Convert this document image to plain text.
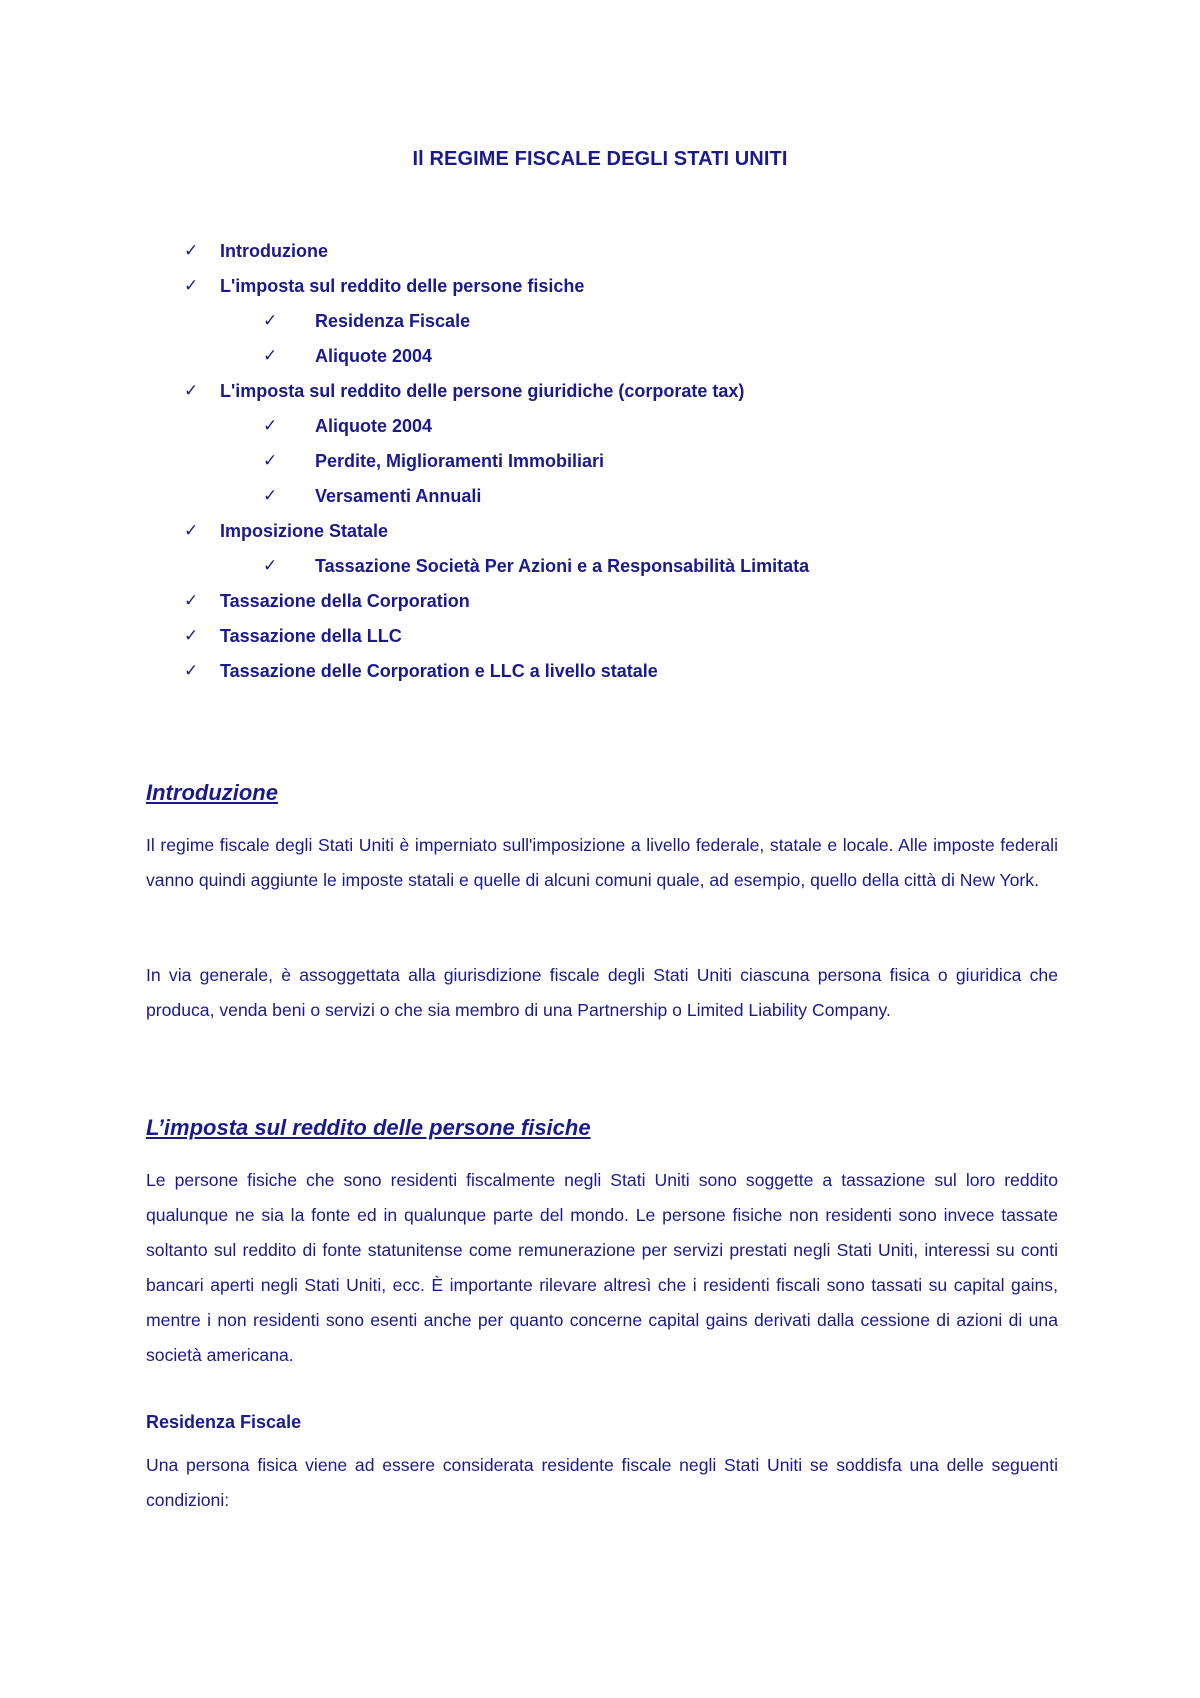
Il REGIME FISCALE DEGLI STATI UNITI
✓ Introduzione
✓ L'imposta sul reddito delle persone fisiche
✓ Residenza Fiscale
✓ Aliquote 2004
✓ L'imposta sul reddito delle persone giuridiche (corporate tax)
✓ Aliquote 2004
✓ Perdite, Miglioramenti Immobiliari
✓ Versamenti Annuali
✓ Imposizione Statale
✓ Tassazione Società Per Azioni e a Responsabilità Limitata
✓ Tassazione della Corporation
✓ Tassazione della LLC
✓ Tassazione delle Corporation e LLC a livello statale
Introduzione

Il regime fiscale degli Stati Uniti è imperniato sull'imposizione a livello federale, statale e locale. Alle imposte federali vanno quindi aggiunte le imposte statali e quelle di alcuni comuni quale, ad esempio, quello della città di New York.

In via generale, è assoggettata alla giurisdizione fiscale degli Stati Uniti ciascuna persona fisica o giuridica che produca, venda beni o servizi o che sia membro di una Partnership o Limited Liability Company.

L’imposta sul reddito delle persone fisiche

Le persone fisiche che sono residenti fiscalmente negli Stati Uniti sono soggette a tassazione sul loro reddito qualunque ne sia la fonte ed in qualunque parte del mondo. Le persone fisiche non residenti sono invece tassate soltanto sul reddito di fonte statunitense come remunerazione per servizi prestati negli Stati Uniti, interessi su conti bancari aperti negli Stati Uniti, ecc. È importante rilevare altresì che i residenti fiscali sono tassati su capital gains, mentre i non residenti sono esenti anche per quanto concerne capital gains derivati dalla cessione di azioni di una società americana.

Residenza Fiscale

Una persona fisica viene ad essere considerata residente fiscale negli Stati Uniti se soddisfa una delle seguenti condizioni:
